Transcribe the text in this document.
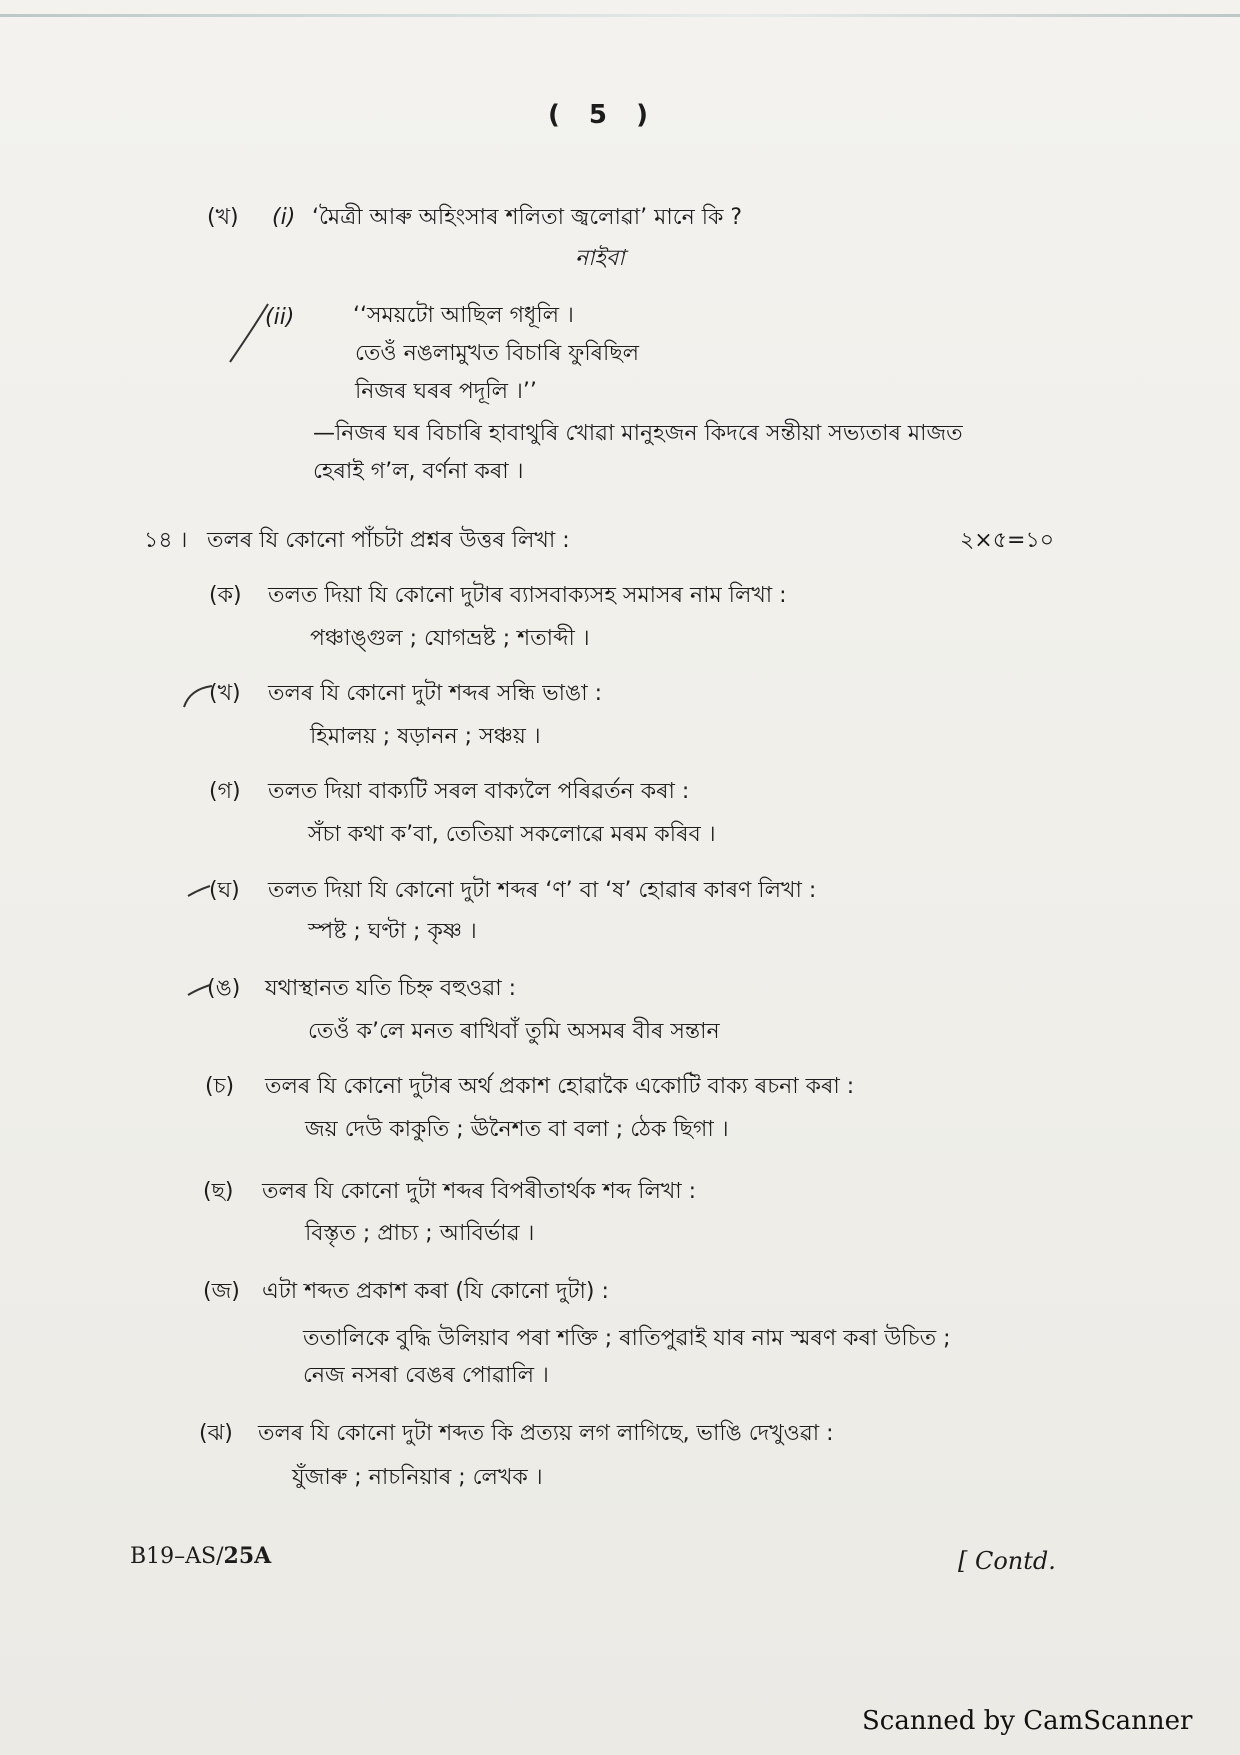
( 5 )
(খ) (i) ‘মৈত্ৰী আৰু অহিংসাৰ শলিতা জ্বলোৱা’ মানে কি ?
নাইবা
(ii)	‘‘সময়টো আছিল গধূলি ।
তেওঁ নঙলামুখত বিচাৰি ফুৰিছিল
নিজৰ ঘৰৰ পদূলি ।’’
—নিজৰ ঘৰ বিচাৰি হাবাথুৰি খোৱা মানুহজন কিদৰে সন্তীয়া সভ্যতাৰ মাজত
হেৰাই গ’ল, বৰ্ণনা কৰা ।
১৪ । তলৰ যি কোনো পাঁচটা প্ৰশ্নৰ উত্তৰ লিখা :	২×৫=১০
(ক) তলত দিয়া যি কোনো দুটাৰ ব্যাসবাক্যসহ সমাসৰ নাম লিখা :
পঞ্চাঙ্গুল ; যোগভ্ৰষ্ট ; শতাব্দী ।
(খ) তলৰ যি কোনো দুটা শব্দৰ সন্ধি ভাঙা :
হিমালয় ; ষড়ানন ; সঞ্চয় ।
(গ) তলত দিয়া বাক্যটি সৰল বাক্যলৈ পৰিৱৰ্তন কৰা :
সঁচা কথা ক’বা, তেতিয়া সকলোৱে মৰম কৰিব ।
(ঘ) তলত দিয়া যি কোনো দুটা শব্দৰ ‘ণ’ বা ‘ষ’ হোৱাৰ কাৰণ লিখা :
স্পষ্ট ; ঘণ্টা ; কৃষ্ণ ।
(ঙ) যথাস্থানত যতি চিহ্ন বহুওৱা :
তেওঁ ক’লে মনত ৰাখিবাঁ তুমি অসমৰ বীৰ সন্তান
(চ) তলৰ যি কোনো দুটাৰ অৰ্থ প্ৰকাশ হোৱাকৈ একোটি বাক্য ৰচনা কৰা :
জয় দেউ কাকুতি ; ঊনৈশত বা বলা ; ঠেক ছিগা ।
(ছ) তলৰ যি কোনো দুটা শব্দৰ বিপৰীতাৰ্থক শব্দ লিখা :
বিস্তৃত ; প্ৰাচ্য ; আবিৰ্ভাৱ ।
(জ) এটা শব্দত প্ৰকাশ কৰা (যি কোনো দুটা) :
ততালিকে বুদ্ধি উলিয়াব পৰা শক্তি ; ৰাতিপুৱাই যাৰ নাম স্মৰণ কৰা উচিত ;
নেজ নসৰা বেঙৰ পোৱালি ।
(ঝ) তলৰ যি কোনো দুটা শব্দত কি প্ৰত্যয় লগ লাগিছে, ভাঙি দেখুওৱা :
যুঁজাৰু ; নাচনিয়াৰ ; লেখক ।
B19–AS/25A	[ Contd.
Scanned by CamScanner
